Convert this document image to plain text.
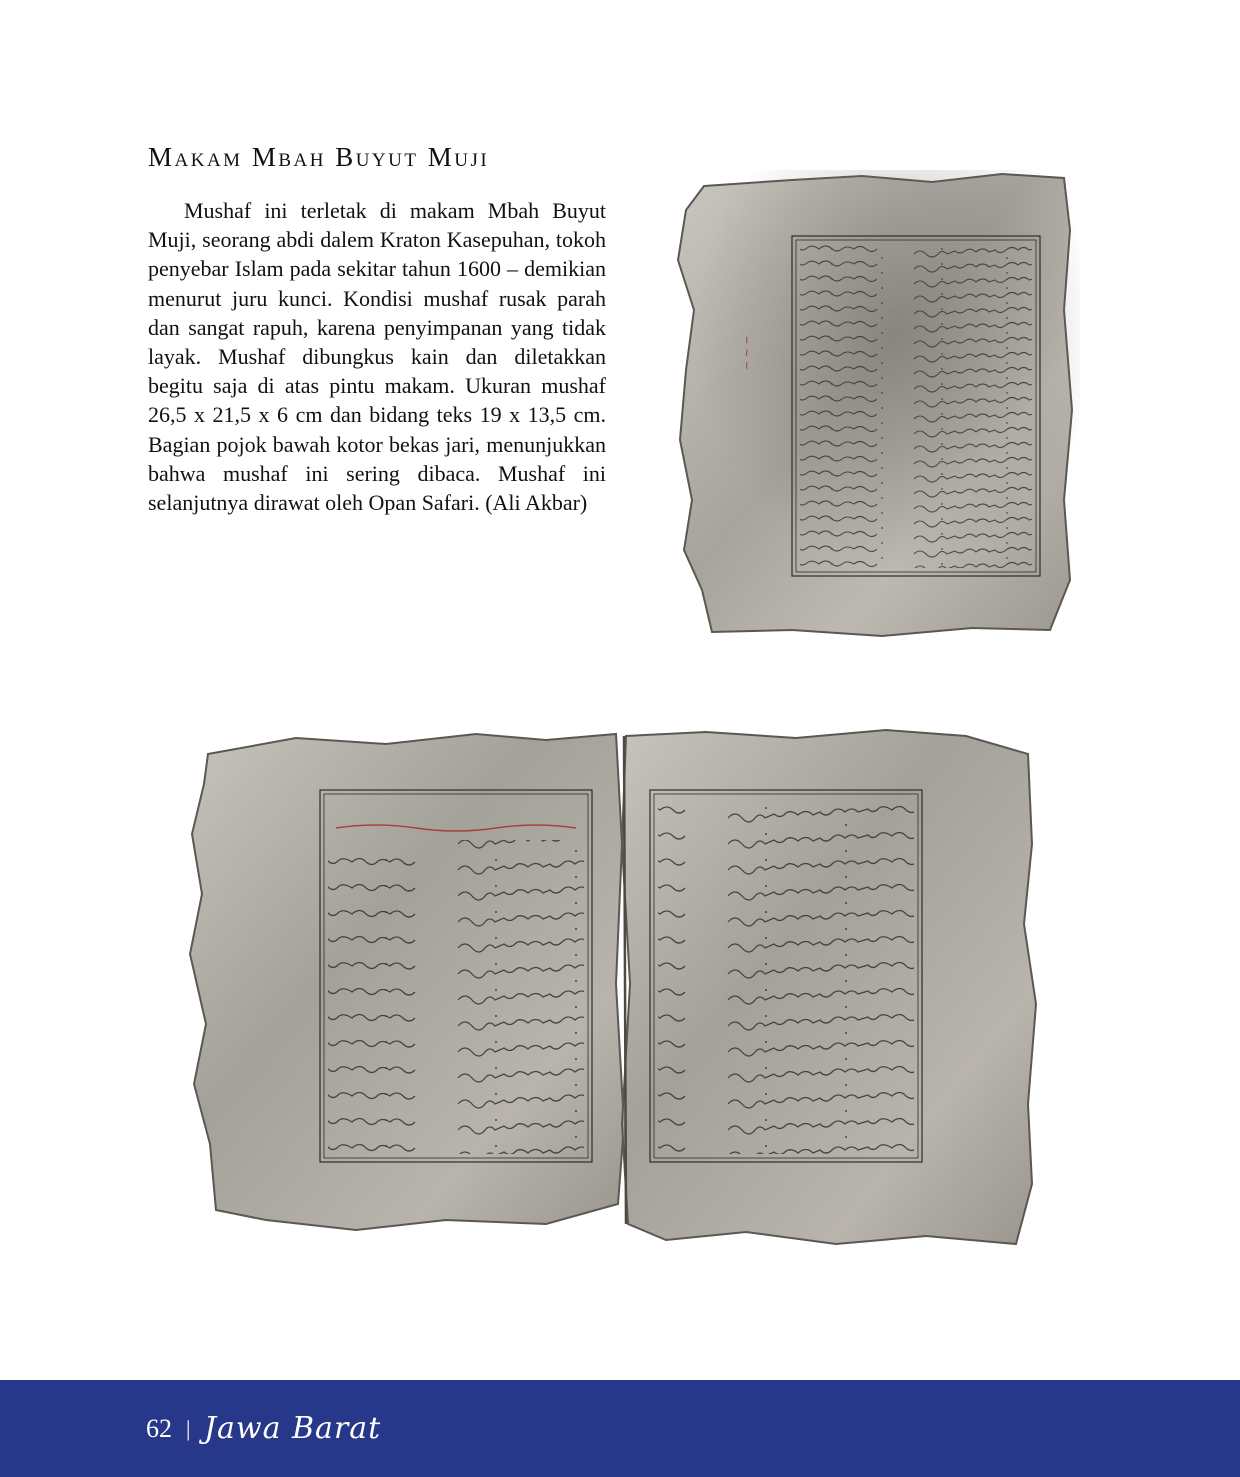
Makam Mbah Buyut Muji

Mushaf ini terletak di makam Mbah Buyut Muji, seorang abdi dalem Kraton Kasepuhan, tokoh penyebar Islam pada sekitar tahun 1600 – demikian menurut juru kunci. Kondisi mushaf rusak parah dan sangat rapuh, karena penyimpanan yang tidak layak. Mushaf dibungkus kain dan diletakkan begitu saja di atas pintu makam. Ukuran mushaf 26,5 x 21,5 x 6 cm dan bidang teks 19 x 13,5 cm. Bagian pojok bawah kotor bekas jari, menunjukkan bahwa mushaf ini sering dibaca. Mushaf ini selanjutnya dirawat oleh Opan Safari. (Ali Akbar)

~ ~ ~
62 | Jawa Barat
